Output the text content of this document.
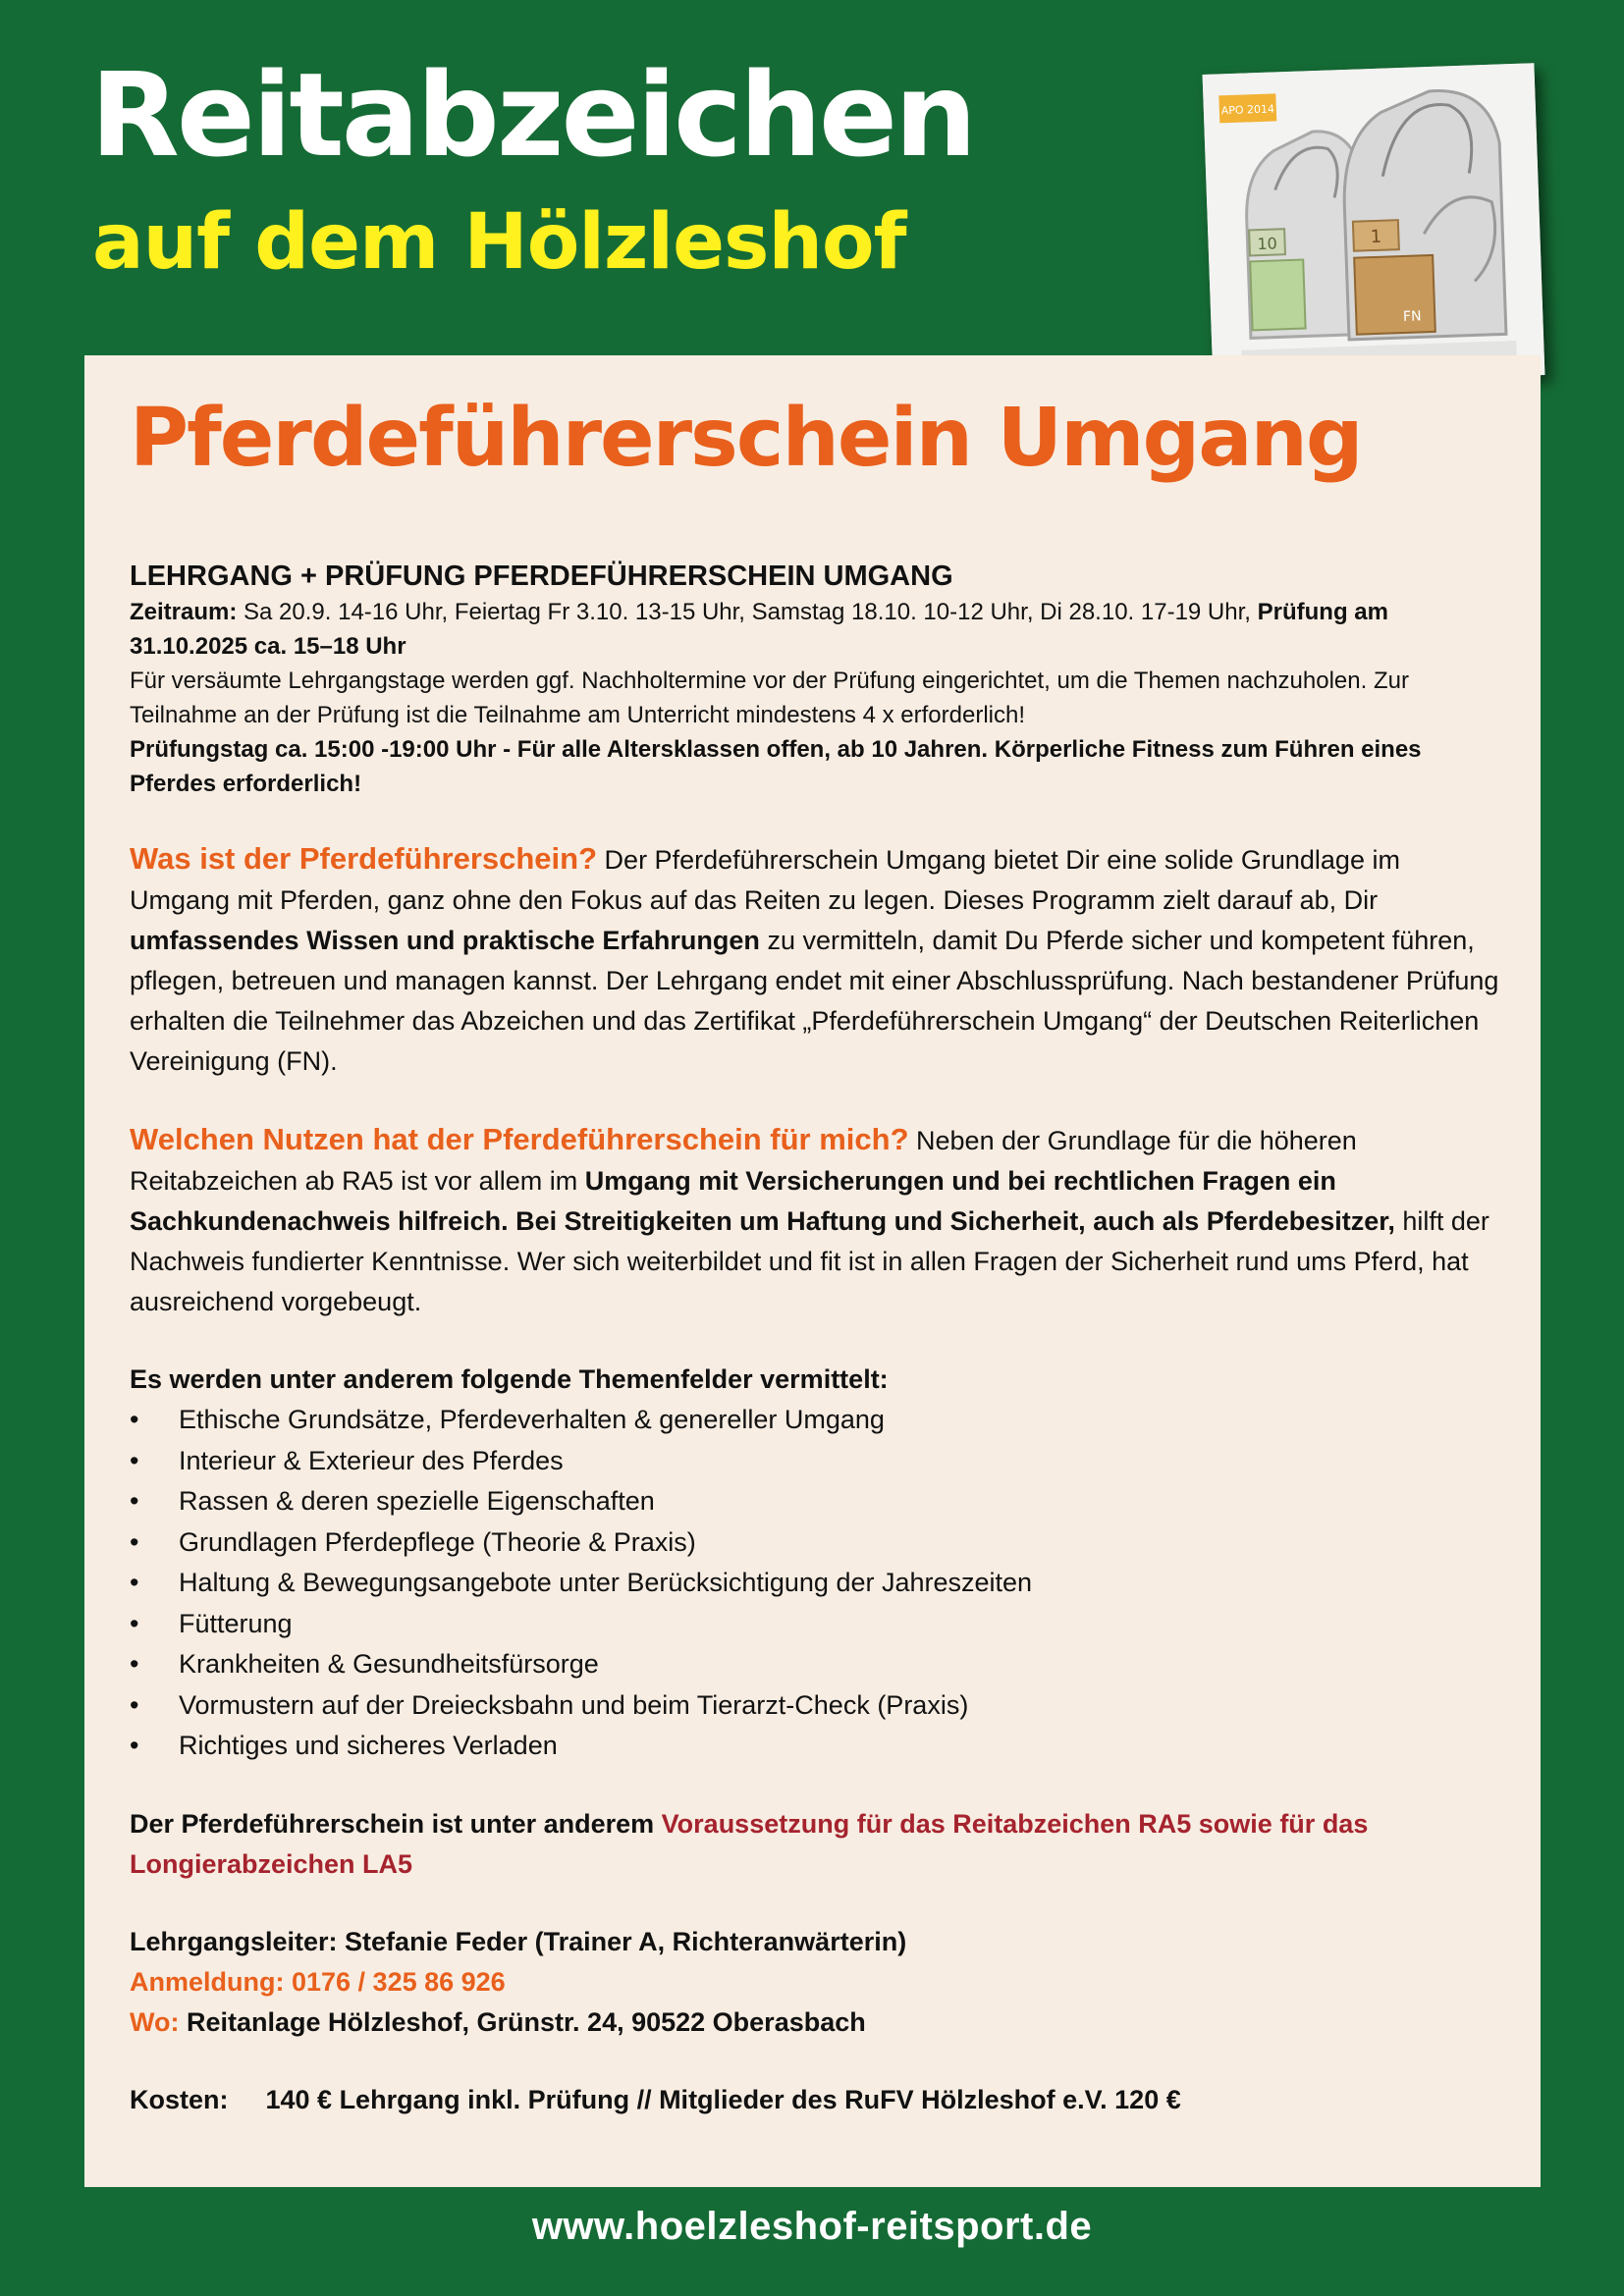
Reitabzeichen
auf dem Hölzleshof
APO 2014
10	1
FN
Pferdeführerschein Umgang
LEHRGANG + PRÜFUNG PFERDEFÜHRERSCHEIN UMGANG
Zeitraum: Sa 20.9. 14-16 Uhr, Feiertag Fr 3.10. 13-15 Uhr, Samstag 18.10. 10-12 Uhr, Di 28.10. 17-19 Uhr, Prüfung am 31.10.2025 ca. 15–18 Uhr
Für versäumte Lehrgangstage werden ggf. Nachholtermine vor der Prüfung eingerichtet, um die Themen nachzuholen. Zur Teilnahme an der Prüfung ist die Teilnahme am Unterricht mindestens 4 x erforderlich!
Prüfungstag ca. 15:00 -19:00 Uhr - Für alle Altersklassen offen, ab 10 Jahren. Körperliche Fitness zum Führen eines Pferdes erforderlich!
Was ist der Pferdeführerschein? Der Pferdeführerschein Umgang bietet Dir eine solide Grundlage im Umgang mit Pferden, ganz ohne den Fokus auf das Reiten zu legen. Dieses Programm zielt darauf ab, Dir umfassendes Wissen und praktische Erfahrungen zu vermitteln, damit Du Pferde sicher und kompetent führen, pflegen, betreuen und managen kannst. Der Lehrgang endet mit einer Abschlussprüfung. Nach bestandener Prüfung erhalten die Teilnehmer das Abzeichen und das Zertifikat „Pferdeführerschein Umgang“ der Deutschen Reiterlichen Vereinigung (FN).
Welchen Nutzen hat der Pferdeführerschein für mich? Neben der Grundlage für die höheren Reitabzeichen ab RA5 ist vor allem im Umgang mit Versicherungen und bei rechtlichen Fragen ein Sachkundenachweis hilfreich. Bei Streitigkeiten um Haftung und Sicherheit, auch als Pferdebesitzer, hilft der Nachweis fundierter Kenntnisse. Wer sich weiterbildet und fit ist in allen Fragen der Sicherheit rund ums Pferd, hat ausreichend vorgebeugt.
Es werden unter anderem folgende Themenfelder vermittelt:
• Ethische Grundsätze, Pferdeverhalten & genereller Umgang
• Interieur & Exterieur des Pferdes
• Rassen & deren spezielle Eigenschaften
• Grundlagen Pferdepflege (Theorie & Praxis)
• Haltung & Bewegungsangebote unter Berücksichtigung der Jahreszeiten
• Fütterung
• Krankheiten & Gesundheitsfürsorge
• Vormustern auf der Dreiecksbahn und beim Tierarzt-Check (Praxis)
• Richtiges und sicheres Verladen
Der Pferdeführerschein ist unter anderem Voraussetzung für das Reitabzeichen RA5 sowie für das Longierabzeichen LA5
Lehrgangsleiter: Stefanie Feder (Trainer A, Richteranwärterin)
Anmeldung: 0176 / 325 86 926
Wo: Reitanlage Hölzleshof, Grünstr. 24, 90522 Oberasbach
Kosten: 140 € Lehrgang inkl. Prüfung // Mitglieder des RuFV Hölzleshof e.V. 120 €
www.hoelzleshof-reitsport.de
